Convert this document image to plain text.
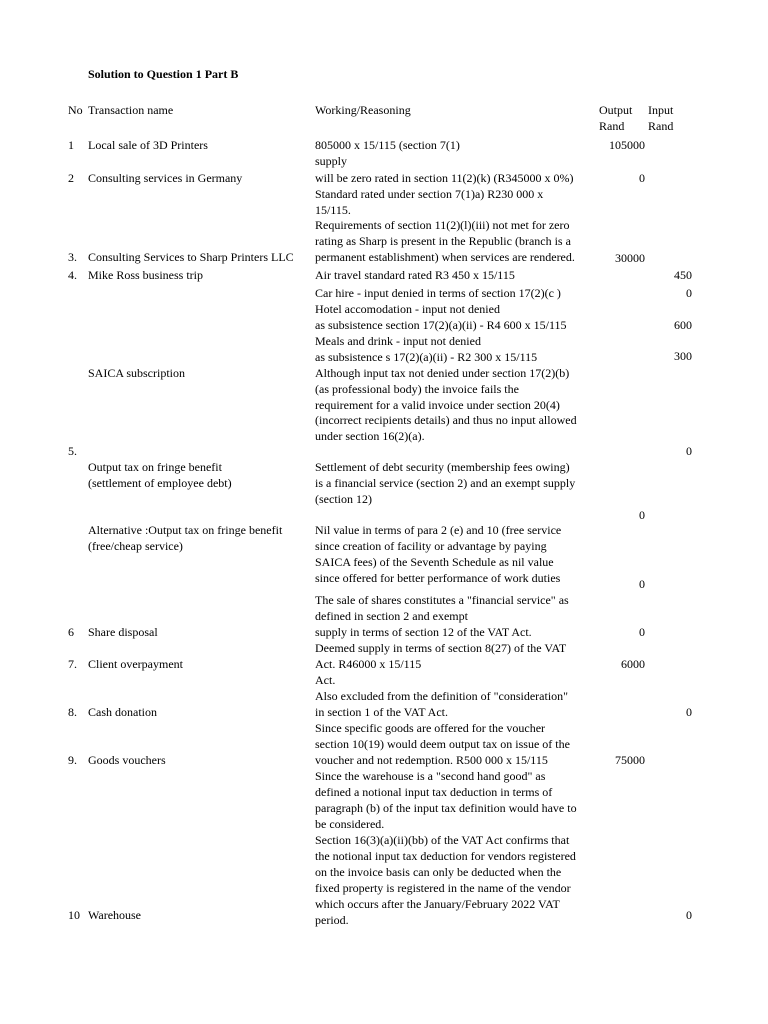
Solution to Question 1 Part B
No Transaction name	Working/Reasoning	Output
Rand
Input
Rand
1
2
3.
4.
5.
6
7.
8.
9.
10
Local sale of 3D Printers
Consulting services in Germany
Consulting Services to Sharp Printers LLC
Mike Ross business trip
SAICA subscription
Output tax on fringe benefit
(settlement of employee debt)
Alternative :Output tax on fringe benefit
(free/cheap service)
Share disposal
Client overpayment
Cash donation
Goods vouchers
Warehouse
805000 x 15/115 (section 7(1)
supply
will be zero rated in section 11(2)(k) (R345000 x 0%)
Standard rated under section 7(1)a) R230 000 x
15/115.
Requirements of section 11(2)(l)(iii) not met for zero
rating as Sharp is present in the Republic (branch is a
permanent establishment) when services are rendered.
Air travel standard rated R3 450 x 15/115
Car hire - input denied in terms of section 17(2)(c )
Hotel accomodation - input not denied
as subsistence section 17(2)(a)(ii) - R4 600 x 15/115
Meals and drink - input not denied
as subsistence s 17(2)(a)(ii) - R2 300 x 15/115
Although input tax not denied under section 17(2)(b)
(as professional body) the invoice fails the
requirement for a valid invoice under section 20(4)
(incorrect recipients details) and thus no input allowed
under section 16(2)(a).
Settlement of debt security (membership fees owing)
is a financial service (section 2) and an exempt supply
(section 12)
Nil value in terms of para 2 (e) and 10 (free service
since creation of facility or advantage by paying
SAICA fees) of the Seventh Schedule as nil value
since offered for better performance of work duties
The sale of shares constitutes a "financial service" as
defined in section 2 and exempt
supply in terms of section 12 of the VAT Act.
Deemed supply in terms of section 8(27) of the VAT
Act. R46000 x 15/115
Act.
Also excluded from the definition of "consideration"
in section 1 of the VAT Act.
Since specific goods are offered for the voucher
section 10(19) would deem output tax on issue of the
voucher and not redemption. R500 000 x 15/115
Since the warehouse is a "second hand good" as
defined a notional input tax deduction in terms of
paragraph (b) of the input tax definition would have to
be considered.
Section 16(3)(a)(ii)(bb) of the VAT Act confirms that
the notional input tax deduction for vendors registered
on the invoice basis can only be deducted when the
fixed property is registered in the name of the vendor
which occurs after the January/February 2022 VAT
period.
105000
0
30000
0
0
0
6000
75000
450
0
600
300
0
0
0
